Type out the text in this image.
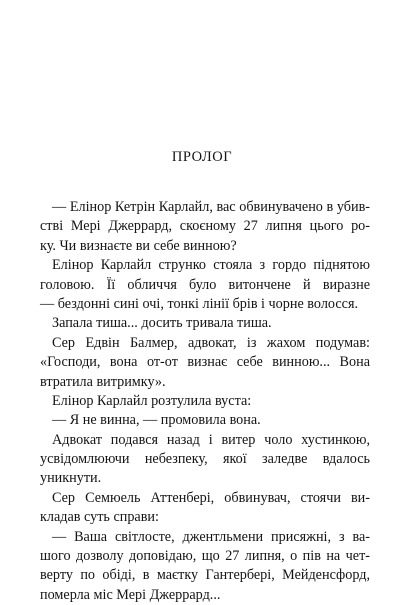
ПРОЛОГ
— Елінор Кетрін Карлайл, вас обвинувачено в убив-
стві Мері Джеррард, скоєному 27 липня цього ро-
ку. Чи визнаєте ви себе винною?
Елінор Карлайл струнко стояла з гордо піднятою
головою. Її обличчя було витончене й виразне
— бездонні сині очі, тонкі лінії брів і чорне волосся.
Запала тиша... досить тривала тиша.
Сер Едвін Балмер, адвокат, із жахом подумав:
«Господи, вона от-от визнає себе винною... Вона
втратила витримку».
Елінор Карлайл розтулила вуста:
— Я не винна, — промовила вона.
Адвокат подався назад і витер чоло хустинкою,
усвідомлюючи небезпеку, якої заледве вдалось
уникнути.
Сер Семюель Аттенбері, обвинувач, стоячи ви-
кладав суть справи:
— Ваша світлосте, джентльмени присяжні, з ва-
шого дозволу доповідаю, що 27 липня, о пів на чет-
верту по обіді, в маєтку Гантербері, Мейденсфорд,
померла міс Мері Джеррард...
